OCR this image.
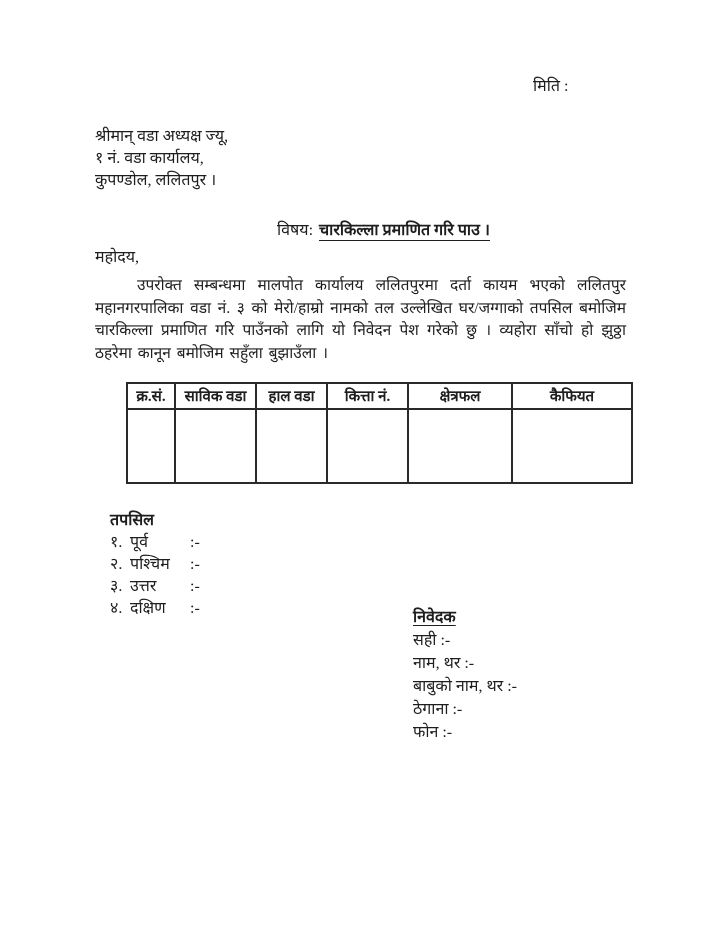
मिति :
श्रीमान् वडा अध्यक्ष ज्यू,
१ नं. वडा कार्यालय,
कुपण्डोल, ललितपुर ।
विषय: चारकिल्ला प्रमाणित गरि पाउ ।
महोदय,

उपरोक्त सम्बन्धमा मालपोत कार्यालय ललितपुरमा दर्ता कायम भएको ललितपुर महानगरपालिका वडा नं. ३ को मेरो/हाम्रो नामको तल उल्लेखित घर/जग्गाको तपसिल बमोजिम चारकिल्ला प्रमाणित गरि पाउँनको लागि यो निवेदन पेश गरेको छु । व्यहोरा साँचो हो झुठ्ठा ठहरेमा कानून बमोजिम सहुँला बुझाउँला ।

क्र.सं.	साविक वडा	हाल वडा	कित्ता नं.	क्षेत्रफल	कैफियत

तपसिल
१. पूर्व	:-
२. पश्चिम :-
३. उत्तर :-
४. दक्षिण :-
निवेदक
सही :-
नाम, थर :-
बाबुको नाम, थर :-
ठेगाना :-
फोन :-
